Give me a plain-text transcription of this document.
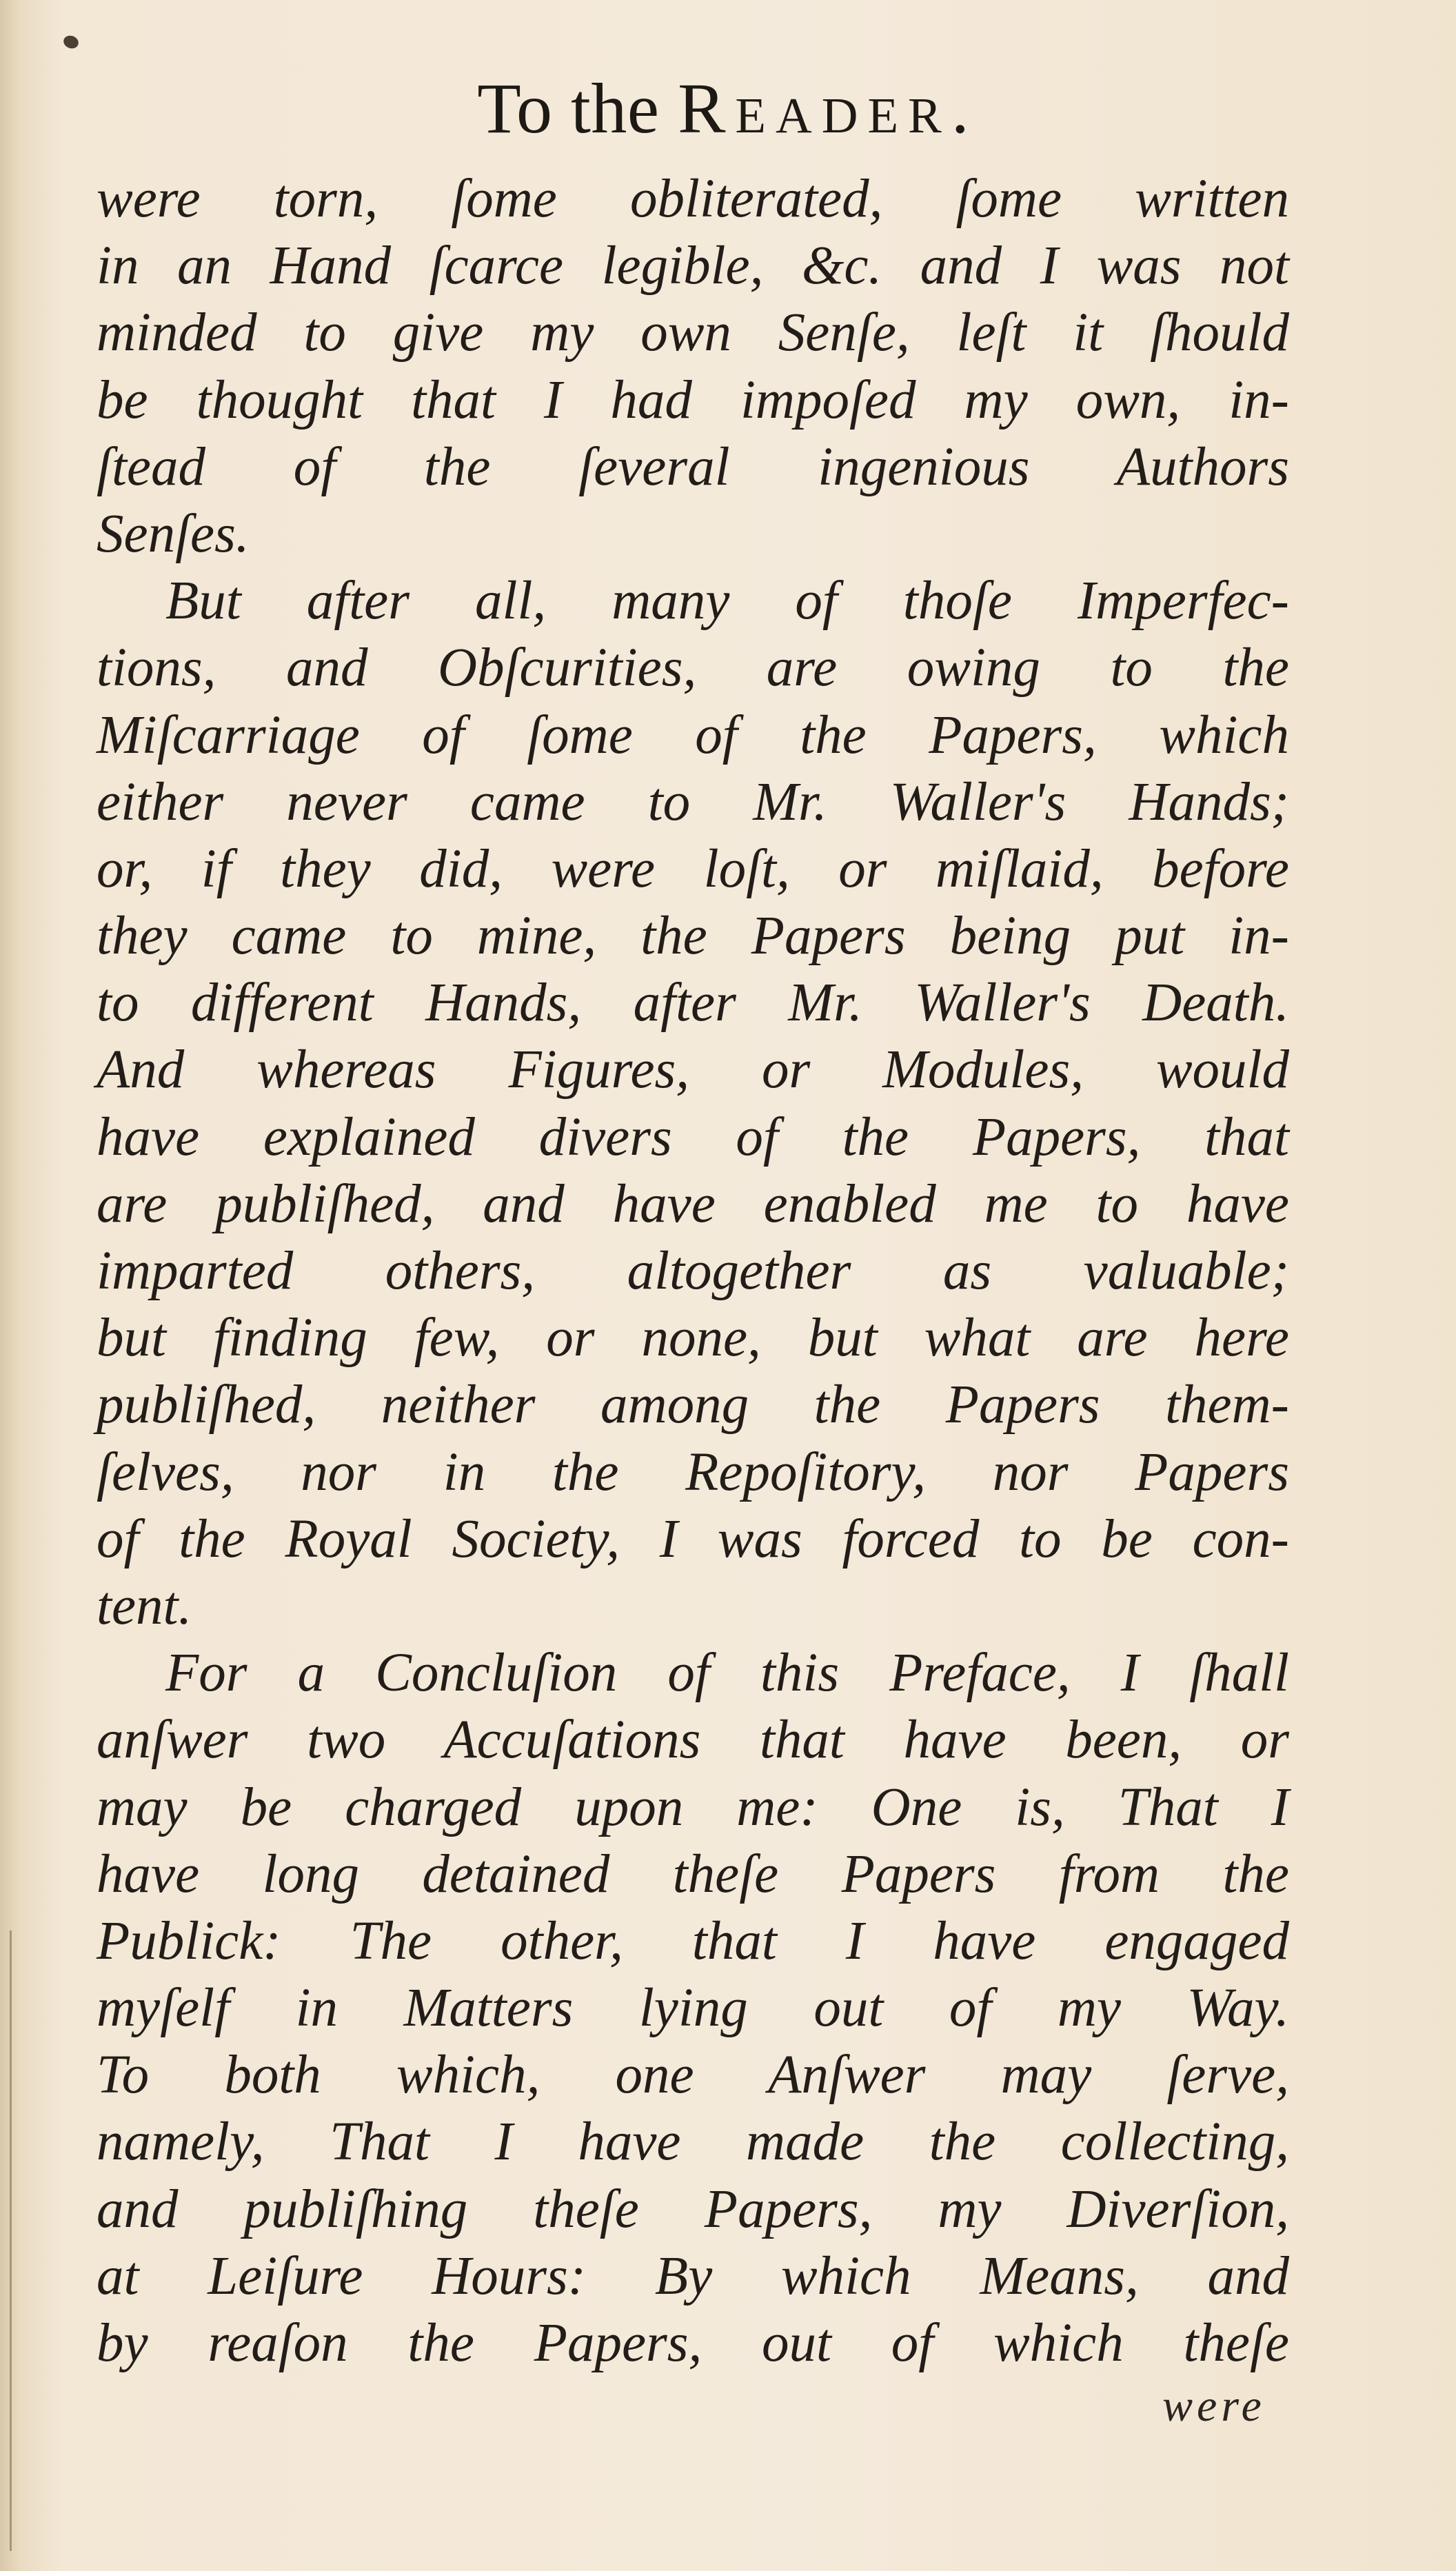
To the Reader.
were torn, ſome obliterated, ſome written
in an Hand ſcarce legible, &c. and I was not
minded to give my own Senſe, leſt it ſhould
be thought that I had impoſed my own, in-
ſtead of the ſeveral ingenious Authors
Senſes.
But after all, many of thoſe Imperfec-
tions, and Obſcurities, are owing to the
Miſcarriage of ſome of the Papers, which
either never came to Mr. Waller's Hands;
or, if they did, were loſt, or miſlaid, before
they came to mine, the Papers being put in-
to different Hands, after Mr. Waller's Death.
And whereas Figures, or Modules, would
have explained divers of the Papers, that
are publiſhed, and have enabled me to have
imparted others, altogether as valuable;
but finding few, or none, but what are here
publiſhed, neither among the Papers them-
ſelves, nor in the Repoſitory, nor Papers
of the Royal Society, I was forced to be con-
tent.
For a Concluſion of this Preface, I ſhall
anſwer two Accuſations that have been, or
may be charged upon me: One is, That I
have long detained theſe Papers from the
Publick: The other, that I have engaged
myſelf in Matters lying out of my Way.
To both which, one Anſwer may ſerve,
namely, That I have made the collecting,
and publiſhing theſe Papers, my Diverſion,
at Leiſure Hours: By which Means, and
by reaſon the Papers, out of which theſe
were
